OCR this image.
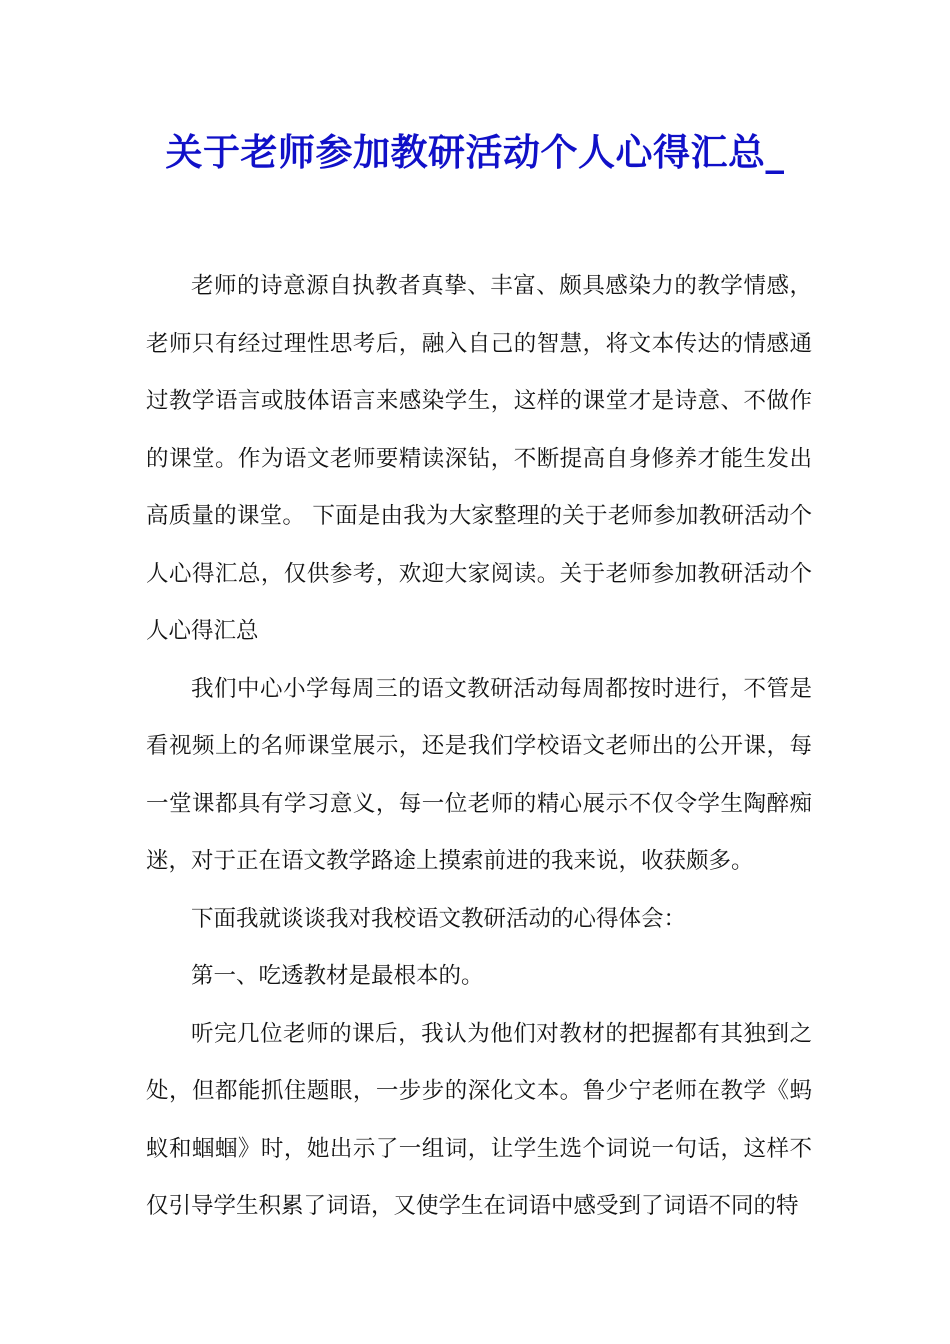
关于老师参加教研活动个人心得汇总_

老师的诗意源自执教者真挚、丰富、颇具感染力的教学情感，老师只有经过理性思考后，融入自己的智慧，将文本传达的情感通过教学语言或肢体语言来感染学生，这样的课堂才是诗意、不做作的课堂。作为语文老师要精读深钻，不断提高自身修养才能生发出高质量的课堂。 下面是由我为大家整理的关于老师参加教研活动个人心得汇总，仅供参考，欢迎大家阅读。关于老师参加教研活动个人心得汇总

我们中心小学每周三的语文教研活动每周都按时进行，不管是看视频上的名师课堂展示，还是我们学校语文老师出的公开课，每一堂课都具有学习意义，每一位老师的精心展示不仅令学生陶醉痴迷，对于正在语文教学路途上摸索前进的我来说，收获颇多。

下面我就谈谈我对我校语文教研活动的心得体会：

第一、吃透教材是最根本的。

听完几位老师的课后，我认为他们对教材的把握都有其独到之处，但都能抓住题眼，一步步的深化文本。鲁少宁老师在教学《蚂蚁和蝈蝈》时，她出示了一组词，让学生选个词说一句话，这样不仅引导学生积累了词语，又使学生在词语中感受到了词语不同的特
